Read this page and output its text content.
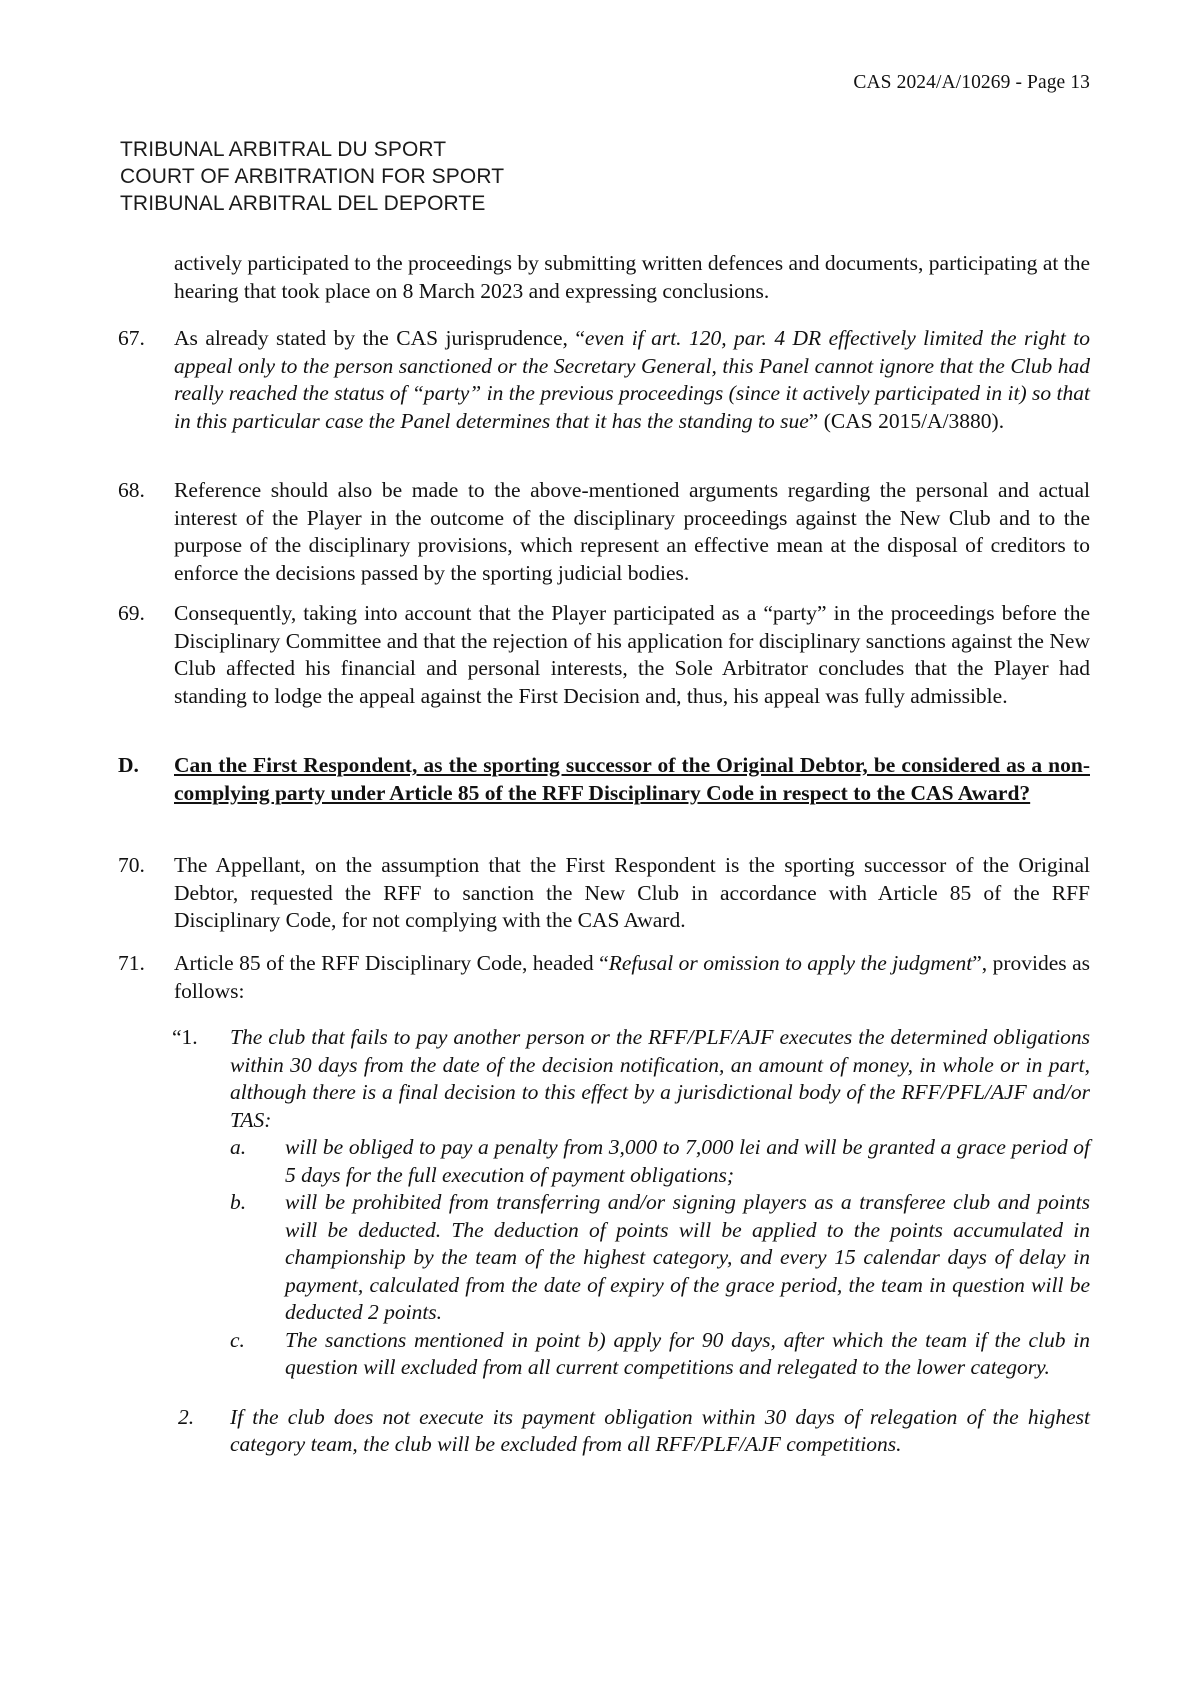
CAS 2024/A/10269 - Page 13
TRIBUNAL ARBITRAL DU SPORT
COURT OF ARBITRATION FOR SPORT
TRIBUNAL ARBITRAL DEL DEPORTE
actively participated to the proceedings by submitting written defences and documents, participating at the hearing that took place on 8 March 2023 and expressing conclusions.
67. As already stated by the CAS jurisprudence, “even if art. 120, par. 4 DR effectively limited the right to appeal only to the person sanctioned or the Secretary General, this Panel cannot ignore that the Club had really reached the status of “party” in the previous proceedings (since it actively participated in it) so that in this particular case the Panel determines that it has the standing to sue” (CAS 2015/A/3880).
68. Reference should also be made to the above-mentioned arguments regarding the personal and actual interest of the Player in the outcome of the disciplinary proceedings against the New Club and to the purpose of the disciplinary provisions, which represent an effective mean at the disposal of creditors to enforce the decisions passed by the sporting judicial bodies.
69. Consequently, taking into account that the Player participated as a “party” in the proceedings before the Disciplinary Committee and that the rejection of his application for disciplinary sanctions against the New Club affected his financial and personal interests, the Sole Arbitrator concludes that the Player had standing to lodge the appeal against the First Decision and, thus, his appeal was fully admissible.
D. Can the First Respondent, as the sporting successor of the Original Debtor, be considered as a non-complying party under Article 85 of the RFF Disciplinary Code in respect to the CAS Award?
70. The Appellant, on the assumption that the First Respondent is the sporting successor of the Original Debtor, requested the RFF to sanction the New Club in accordance with Article 85 of the RFF Disciplinary Code, for not complying with the CAS Award.
71. Article 85 of the RFF Disciplinary Code, headed “Refusal or omission to apply the judgment”, provides as follows:
“1. The club that fails to pay another person or the RFF/PLF/AJF executes the determined obligations within 30 days from the date of the decision notification, an amount of money, in whole or in part, although there is a final decision to this effect by a jurisdictional body of the RFF/PFL/AJF and/or TAS:
a. will be obliged to pay a penalty from 3,000 to 7,000 lei and will be granted a grace period of 5 days for the full execution of payment obligations;
b. will be prohibited from transferring and/or signing players as a transferee club and points will be deducted. The deduction of points will be applied to the points accumulated in championship by the team of the highest category, and every 15 calendar days of delay in payment, calculated from the date of expiry of the grace period, the team in question will be deducted 2 points.
c. The sanctions mentioned in point b) apply for 90 days, after which the team if the club in question will excluded from all current competitions and relegated to the lower category.
2. If the club does not execute its payment obligation within 30 days of relegation of the highest category team, the club will be excluded from all RFF/PLF/AJF competitions.
